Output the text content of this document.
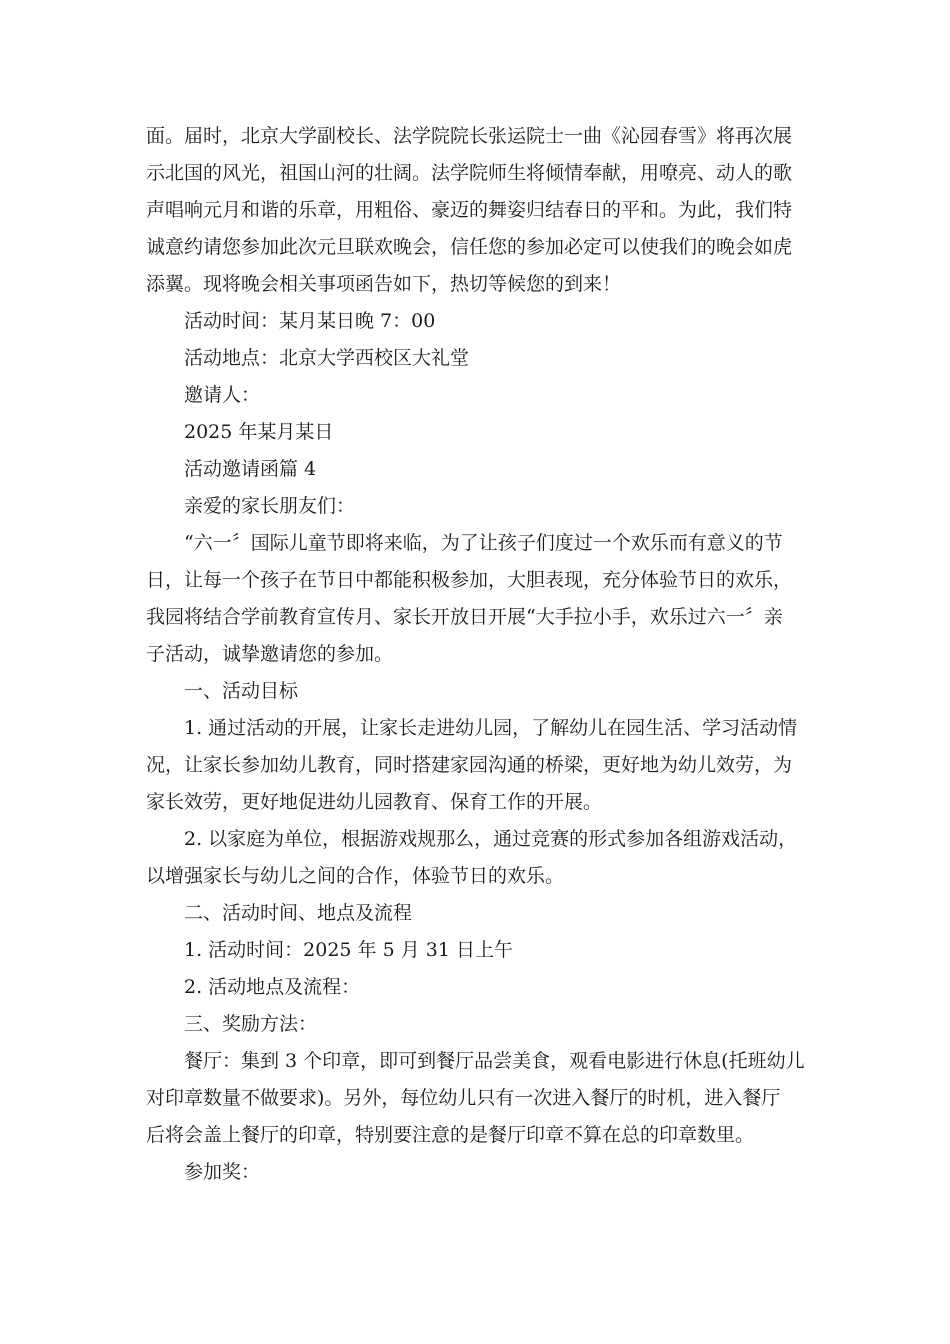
面。届时，北京大学副校长、法学院院长张运院士一曲《沁园春雪》将再次展
示北国的风光，祖国山河的壮阔。法学院师生将倾情奉献，用嘹亮、动人的歌
声唱响元月和谐的乐章，用粗俗、豪迈的舞姿归结春日的平和。为此，我们特
诚意约请您参加此次元旦联欢晚会，信任您的参加必定可以使我们的晚会如虎
添翼。现将晚会相关事项函告如下，热切等候您的到来！

活动时间：某月某日晚 7：00

活动地点：北京大学西校区大礼堂

邀请人：

2025 年某月某日

活动邀请函篇 4

亲爱的家长朋友们：

“六一〞国际儿童节即将来临，为了让孩子们度过一个欢乐而有意义的节
日，让每一个孩子在节日中都能积极参加，大胆表现，充分体验节日的欢乐，
我园将结合学前教育宣传月、家长开放日开展“大手拉小手，欢乐过六一〞亲
子活动，诚挚邀请您的参加。

一、活动目标

1. 通过活动的开展，让家长走进幼儿园，了解幼儿在园生活、学习活动情
况，让家长参加幼儿教育，同时搭建家园沟通的桥梁，更好地为幼儿效劳，为
家长效劳，更好地促进幼儿园教育、保育工作的开展。

2. 以家庭为单位，根据游戏规那么，通过竞赛的形式参加各组游戏活动，
以增强家长与幼儿之间的合作，体验节日的欢乐。

二、活动时间、地点及流程

1. 活动时间：2025 年 5 月 31 日上午

2. 活动地点及流程：

三、奖励方法：

餐厅：集到 3 个印章，即可到餐厅品尝美食，观看电影进行休息(托班幼儿
对印章数量不做要求)。另外，每位幼儿只有一次进入餐厅的时机，进入餐厅
后将会盖上餐厅的印章，特别要注意的是餐厅印章不算在总的印章数里。

参加奖：
